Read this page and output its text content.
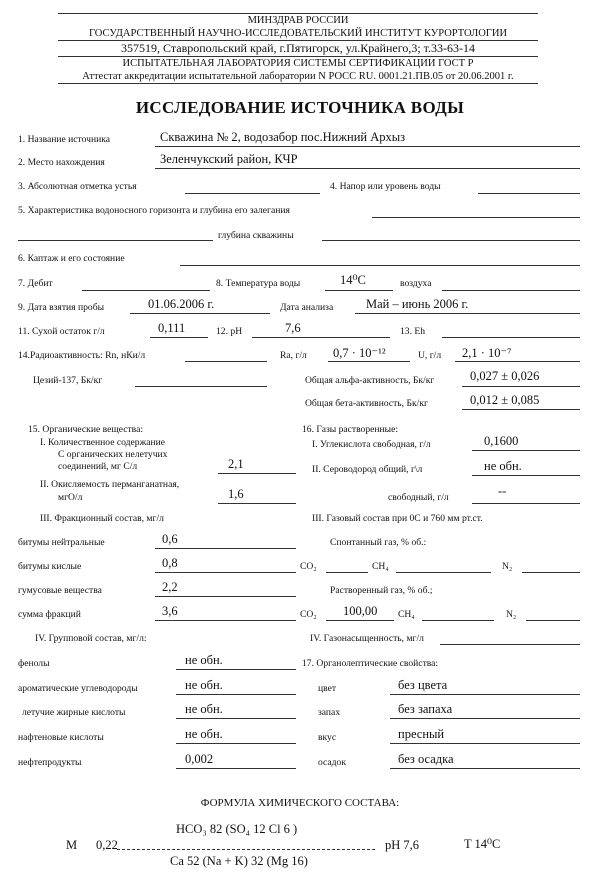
МИНЗДРАВ РОССИИ
ГОСУДАРСТВЕННЫЙ НАУЧНО-ИССЛЕДОВАТЕЛЬСКИЙ ИНСТИТУТ КУРОРТОЛОГИИ
357519, Ставропольский край, г.Пятигорск, ул.Крайнего,3; т.33-63-14
ИСПЫТАТЕЛЬНАЯ ЛАБОРАТОРИЯ СИСТЕМЫ СЕРТИФИКАЦИИ ГОСТ Р
Аттестат аккредитации испытательной лаборатории N РОСС RU. 0001.21.ПВ.05 от 20.06.2001 г.
ИССЛЕДОВАНИЕ ИСТОЧНИКА ВОДЫ
1. Название источника	Скважина № 2, водозабор пос.Нижний Архыз
2. Место нахождения	Зеленчукский район, КЧР
3. Абсолютная отметка устья	4. Напор или уровень воды
5. Характеристика водоносного горизонта и глубина его залегания
глубина скважины
6. Каптаж и его состояние
7. Дебит	8. Температура воды	14⁰С	воздуха
9. Дата взятия пробы	01.06.2006 г.	Дата анализа	Май – июнь 2006 г.
11. Сухой остаток г/л	0,111	12. pH	7,6	13. Eh
14.Радиоактивность: Rn, нКи/л	Ra, г/л 0,7 · 10⁻¹²	U, г/л 2,1 · 10⁻⁷
Цезий-137, Бк/кг	Общая альфа-активность, Бк/кг	0,027 ± 0,026
Общая бета-активность, Бк/кг	0,012 ± 0,085
15. Органические вещества:
I. Количественное содержание
С органических нелетучих
соединений, мг С/л	2,1
II. Окисляемость перманганатная,
мгО/л	1,6
III. Фракционный состав, мг/л
битумы нейтральные	0,6
битумы кислые	0,8
гумусовые вещества	2,2
сумма фракций	3,6
IV. Групповой состав, мг/л:
фенолы	не обн.
ароматические углеводороды	не обн.
летучие жирные кислоты	не обн.
нафтеновые кислоты	не обн.
нефтепродукты	0,002
16. Газы растворенные:
I. Углекислота свободная, г/л	0,1600
II. Сероводород общий, г\л	не обн.
свободный, г/л	--
III. Газовый состав при 0С и 760 мм рт.ст.
Спонтанный газ, % об.:
CO₂	CH₄	N₂
Растворенный газ, % об.;
CO₂ 100,00 CH₄	N₂
IV. Газонасыщенность, мг/л
17. Органолептические свойства:
цвет	без цвета
запах	без запаха
вкус	пресный
осадок	без осадка
ФОРМУЛА ХИМИЧЕСКОГО СОСТАВА:
M 0,22
HCO₃ 82 (SO₄ 12 Cl 6 )
Ca 52 (Na + K) 32 (Mg 16)
pH 7,6	T 14⁰С
